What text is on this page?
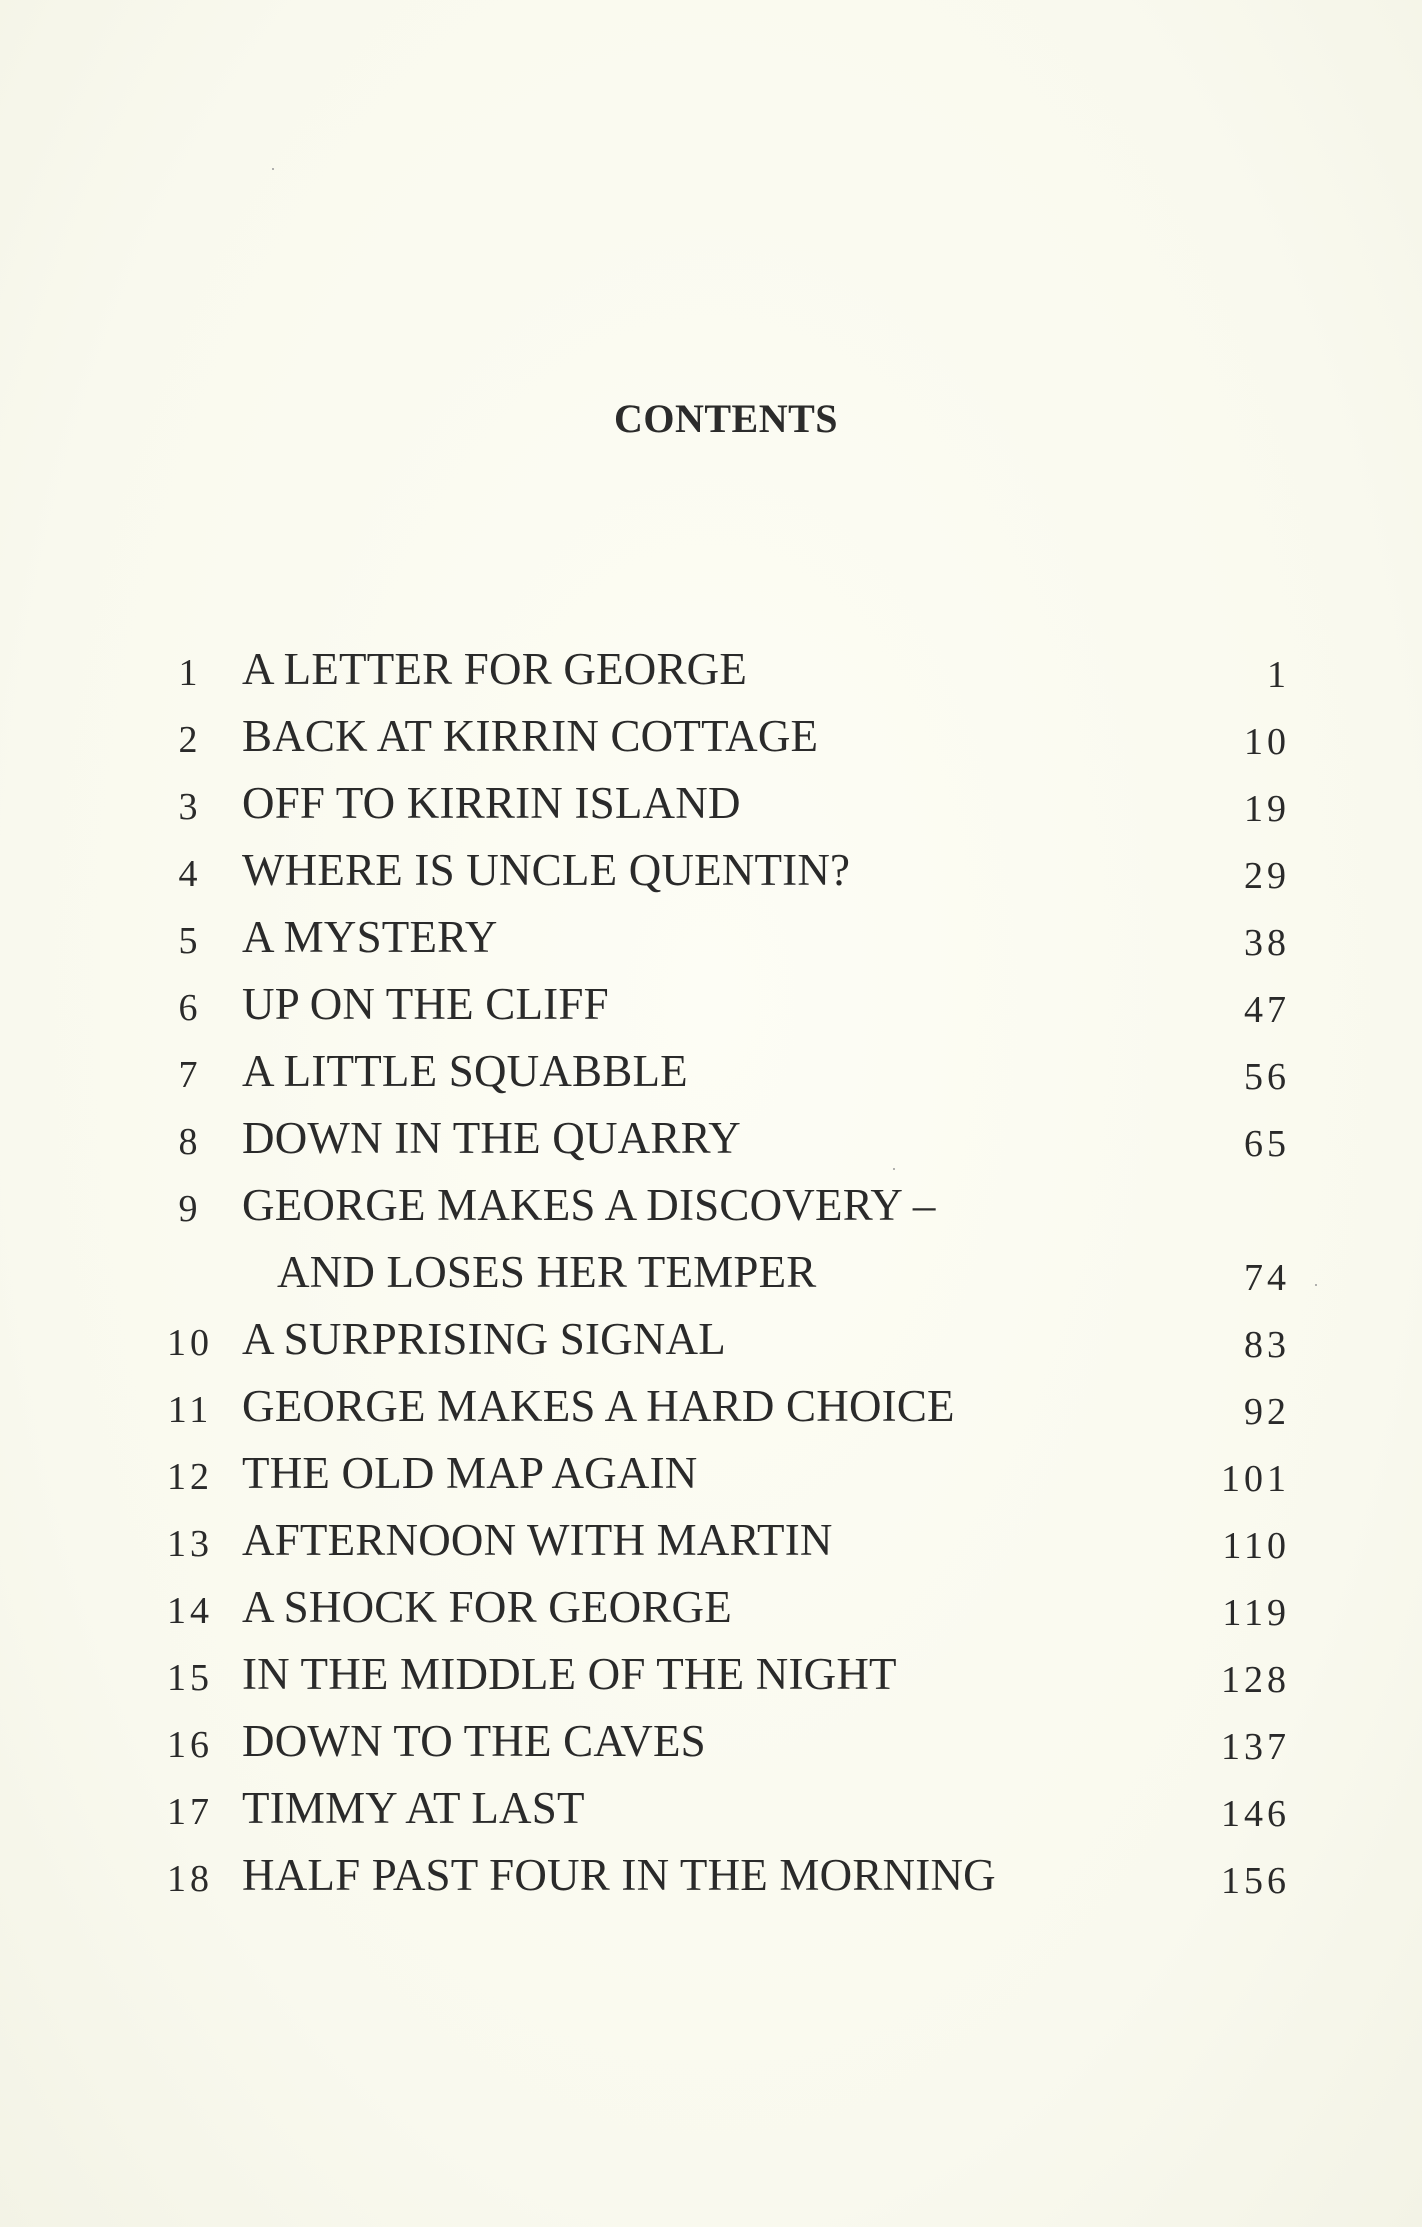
CONTENTS
1 A LETTER FOR GEORGE	1
2 BACK AT KIRRIN COTTAGE	10
3 OFF TO KIRRIN ISLAND	19
4 WHERE IS UNCLE QUENTIN?	29
5 A MYSTERY	38
6 UP ON THE CLIFF	47
7 A LITTLE SQUABBLE	56
8 DOWN IN THE QUARRY	65
9 GEORGE MAKES A DISCOVERY –
AND LOSES HER TEMPER	74
10 A SURPRISING SIGNAL	83
11 GEORGE MAKES A HARD CHOICE	92
12 THE OLD MAP AGAIN	101
13 AFTERNOON WITH MARTIN	110
14 A SHOCK FOR GEORGE	119
15 IN THE MIDDLE OF THE NIGHT	128
16 DOWN TO THE CAVES	137
17 TIMMY AT LAST	146
18 HALF PAST FOUR IN THE MORNING	156
